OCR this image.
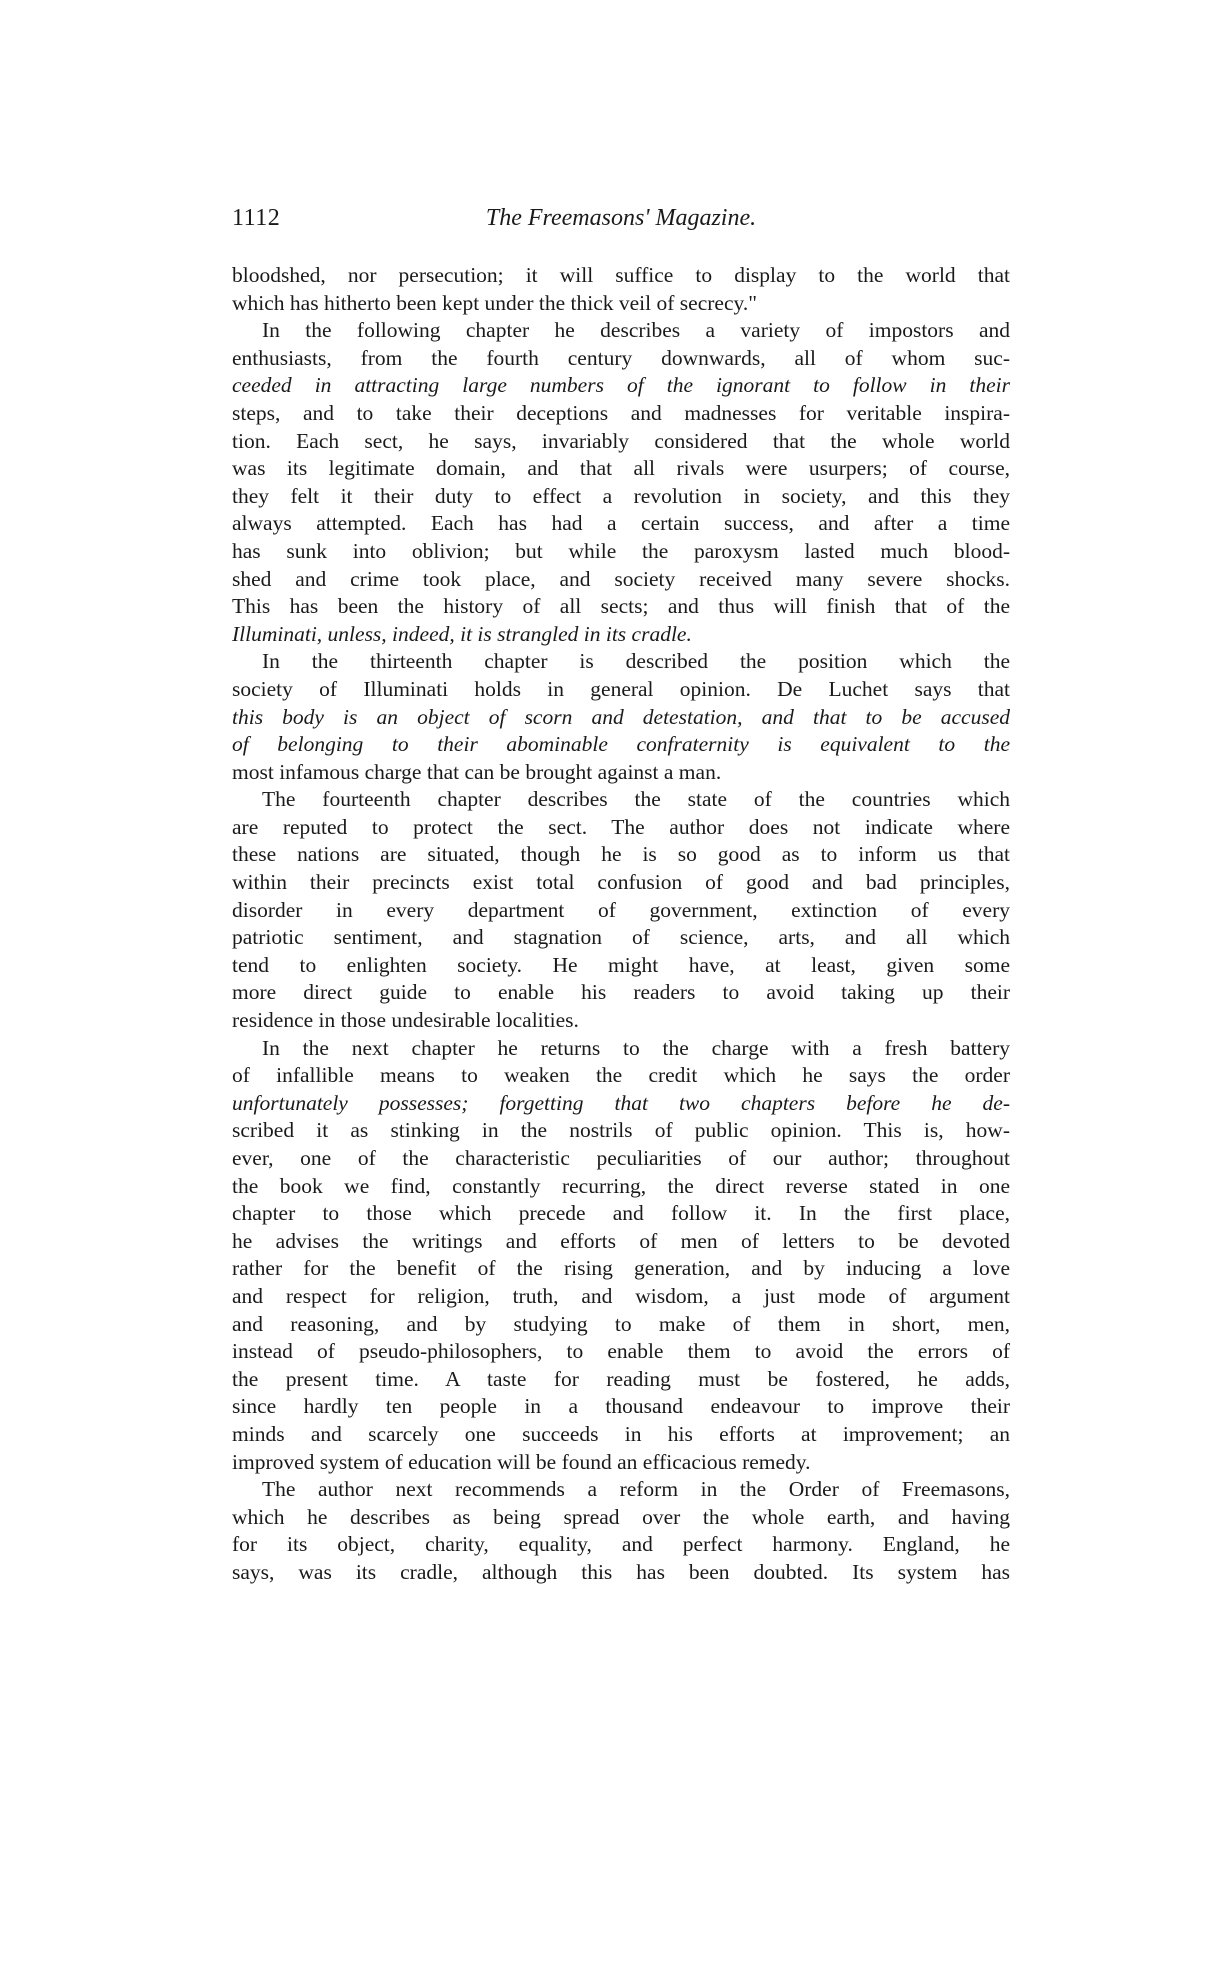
1112	The Freemasons' Magazine.

bloodshed, nor persecution; it will suffice to display to the world that
which has hitherto been kept under the thick veil of secrecy."

In the following chapter he describes a variety of impostors and
enthusiasts, from the fourth century downwards, all of whom suc-
ceeded in attracting large numbers of the ignorant to follow in their
steps, and to take their deceptions and madnesses for veritable inspira-
tion. Each sect, he says, invariably considered that the whole world
was its legitimate domain, and that all rivals were usurpers; of course,
they felt it their duty to effect a revolution in society, and this they
always attempted. Each has had a certain success, and after a time
has sunk into oblivion; but while the paroxysm lasted much blood-
shed and crime took place, and society received many severe shocks.
This has been the history of all sects; and thus will finish that of the
Illuminati, unless, indeed, it is strangled in its cradle.

In the thirteenth chapter is described the position which the
society of Illuminati holds in general opinion. De Luchet says that
this body is an object of scorn and detestation, and that to be accused
of belonging to their abominable confraternity is equivalent to the
most infamous charge that can be brought against a man.

The fourteenth chapter describes the state of the countries which
are reputed to protect the sect. The author does not indicate where
these nations are situated, though he is so good as to inform us that
within their precincts exist total confusion of good and bad principles,
disorder in every department of government, extinction of every
patriotic sentiment, and stagnation of science, arts, and all which
tend to enlighten society. He might have, at least, given some
more direct guide to enable his readers to avoid taking up their
residence in those undesirable localities.

In the next chapter he returns to the charge with a fresh battery
of infallible means to weaken the credit which he says the order
unfortunately possesses; forgetting that two chapters before he de-
scribed it as stinking in the nostrils of public opinion. This is, how-
ever, one of the characteristic peculiarities of our author; throughout
the book we find, constantly recurring, the direct reverse stated in one
chapter to those which precede and follow it. In the first place,
he advises the writings and efforts of men of letters to be devoted
rather for the benefit of the rising generation, and by inducing a love
and respect for religion, truth, and wisdom, a just mode of argument
and reasoning, and by studying to make of them in short, men,
instead of pseudo-philosophers, to enable them to avoid the errors of
the present time. A taste for reading must be fostered, he adds,
since hardly ten people in a thousand endeavour to improve their
minds and scarcely one succeeds in his efforts at improvement; an
improved system of education will be found an efficacious remedy.

The author next recommends a reform in the Order of Freemasons,
which he describes as being spread over the whole earth, and having
for its object, charity, equality, and perfect harmony. England, he
says, was its cradle, although this has been doubted. Its system has
